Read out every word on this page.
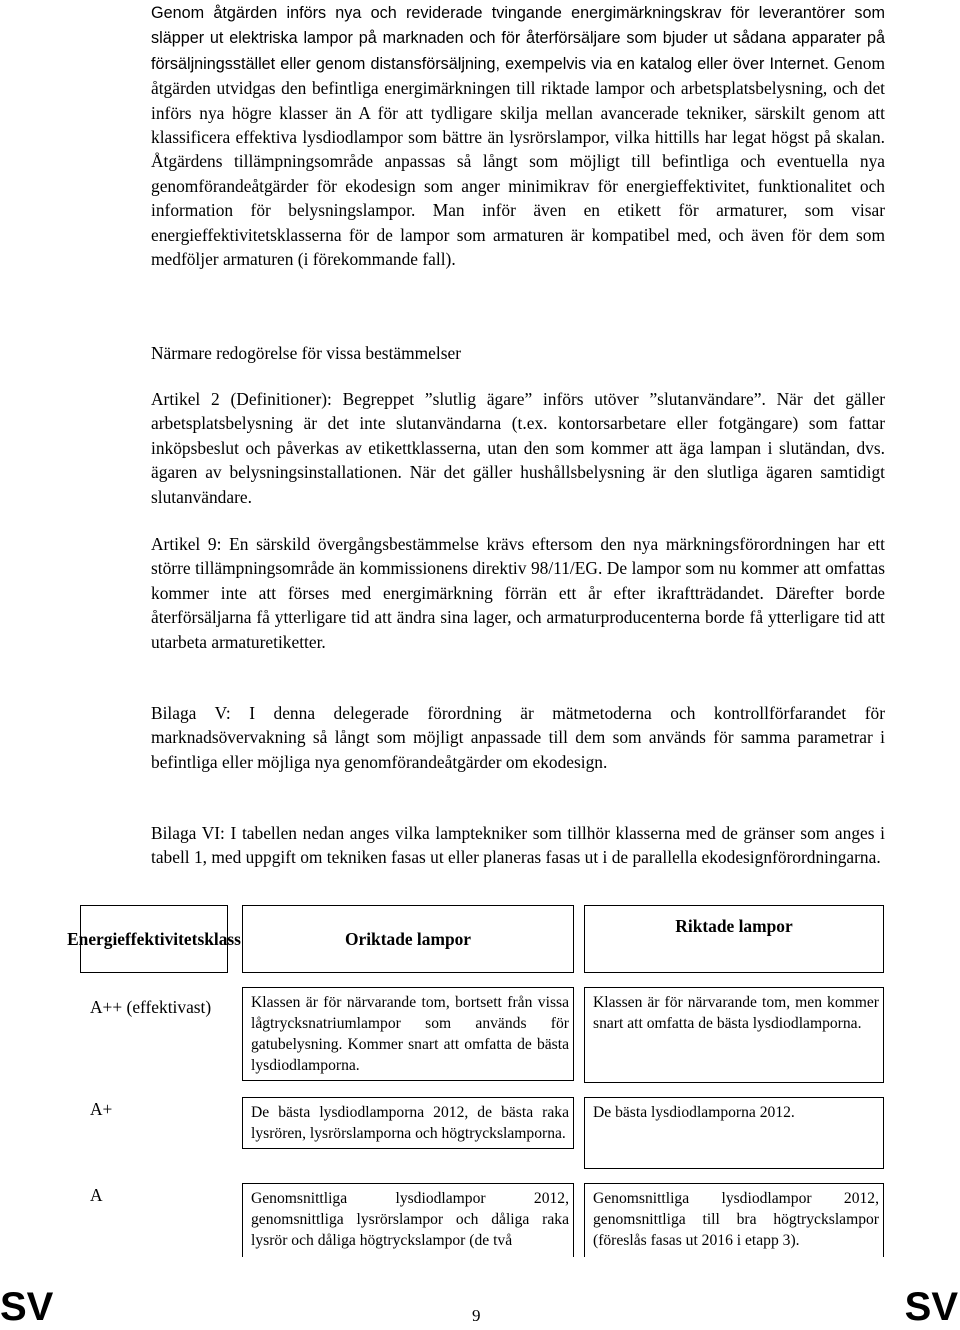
Genom åtgärden införs nya och reviderade tvingande energimärkningskrav för leverantörer som släpper ut elektriska lampor på marknaden och för återförsäljare som bjuder ut sådana apparater på försäljningsstället eller genom distansförsäljning, exempelvis via en katalog eller över Internet. Genom åtgärden utvidgas den befintliga energimärkningen till riktade lampor och arbetsplatsbelysning, och det införs nya högre klasser än A för att tydligare skilja mellan avancerade tekniker, särskilt genom att klassificera effektiva lysdiodlampor som bättre än lysrörslampor, vilka hittills har legat högst på skalan. Åtgärdens tillämpningsområde anpassas så långt som möjligt till befintliga och eventuella nya genomförandeåtgärder för ekodesign som anger minimikrav för energieffektivitet, funktionalitet och information för belysningslampor. Man inför även en etikett för armaturer, som visar energieffektivitetsklasserna för de lampor som armaturen är kompatibel med, och även för dem som medföljer armaturen (i förekommande fall).

Närmare redogörelse för vissa bestämmelser

Artikel 2 (Definitioner): Begreppet ”slutlig ägare” införs utöver ”slutanvändare”. När det gäller arbetsplatsbelysning är det inte slutanvändarna (t.ex. kontorsarbetare eller fotgängare) som fattar inköpsbeslut och påverkas av etikettklasserna, utan den som kommer att äga lampan i slutändan, dvs. ägaren av belysningsinstallationen. När det gäller hushållsbelysning är den slutliga ägaren samtidigt slutanvändare.

Artikel 9: En särskild övergångsbestämmelse krävs eftersom den nya märkningsförordningen har ett större tillämpningsområde än kommissionens direktiv 98/11/EG. De lampor som nu kommer att omfattas kommer inte att förses med energimärkning förrän ett år efter ikraftträdandet. Därefter borde återförsäljarna få ytterligare tid att ändra sina lager, och armaturproducenterna borde få ytterligare tid att utarbeta armaturetiketter.

Bilaga V: I denna delegerade förordning är mätmetoderna och kontrollförfarandet för marknadsövervakning så långt som möjligt anpassade till dem som används för samma parametrar i befintliga eller möjliga nya genomförandeåtgärder om ekodesign.

Bilaga VI: I tabellen nedan anges vilka lamptekniker som tillhör klasserna med de gränser som anges i tabell 1, med uppgift om tekniken fasas ut eller planeras fasas ut i de parallella ekodesignförordningarna.

Energieffektivitetsklass	Oriktade lampor	Riktade lampor

A++ (effektivast)	Klassen är för närvarande tom, bortsett från vissa lågtrycksnatriumlampor som används för gatubelysning. Kommer snart att omfatta de bästa lysdiodlamporna.	Klassen är för närvarande tom, men kommer snart att omfatta de bästa lysdiodlamporna.

A+	De bästa lysdiodlamporna 2012, de bästa raka lysrören, lysrörslamporna och högtryckslamporna.	De bästa lysdiodlamporna 2012.

A	Genomsnittliga lysdiodlampor 2012, genomsnittliga lysrörslampor och dåliga raka lysrör och dåliga högtryckslampor (de två	Genomsnittliga lysdiodlampor 2012, genomsnittliga till bra högtryckslampor (föreslås fasas ut 2016 i etapp 3).
SV	9	SV
